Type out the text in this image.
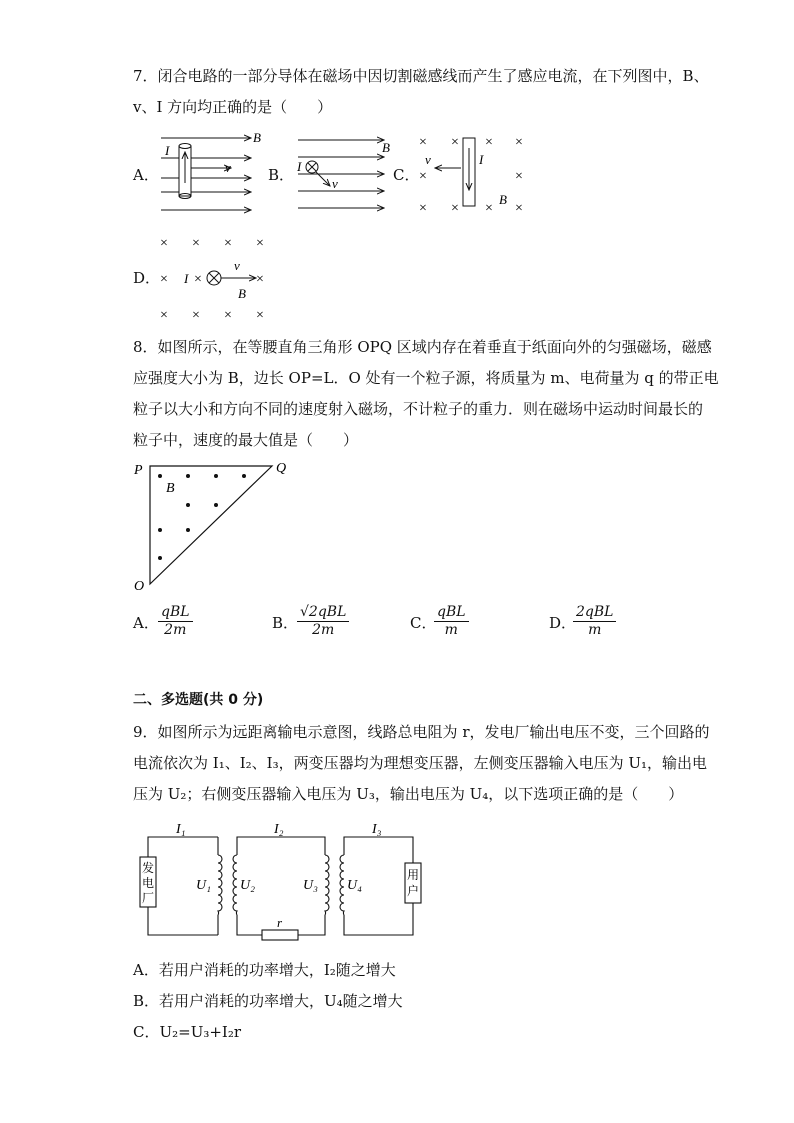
7．闭合电路的一部分导体在磁场中因切割磁感线而产生了感应电流，在下列图中，B、
v、I 方向均正确的是（　　）
A．
B
I
v B．
B
I
v	C．
× × × ×
×	×
× × × ×
v	I
B
D．
× × × ×
× ×	×
× × × ×
I
v
B
8．如图所示，在等腰直角三角形 OPQ 区域内存在着垂直于纸面向外的匀强磁场，磁感
应强度大小为 B，边长 OP=L．O 处有一个粒子源，将质量为 m、电荷量为 q 的带正电
粒子以大小和方向不同的速度射入磁场，不计粒子的重力．则在磁场中运动时间最长的
粒子中，速度的最大值是（　　）
P	Q
O
B
A．
qBL
2m	B．
√2qBL
2m	C．
qBL
m	D．
2qBL
m
二、多选题(共 0 分)
9．如图所示为远距离输电示意图，线路总电阻为 r，发电厂输出电压不变，三个回路的
电流依次为 I₁、I₂、I₃，两变压器均为理想变压器，左侧变压器输入电压为 U₁，输出电
压为 U₂；右侧变压器输入电压为 U₃，输出电压为 U₄，以下选项正确的是（　　）
发
电
厂
用
户
I₁	I₂	I₃
U₁ U₂	U₃ U₄
r
A．若用户消耗的功率增大，I₂随之增大
B．若用户消耗的功率增大，U₄随之增大
C．U₂=U₃+I₂r
